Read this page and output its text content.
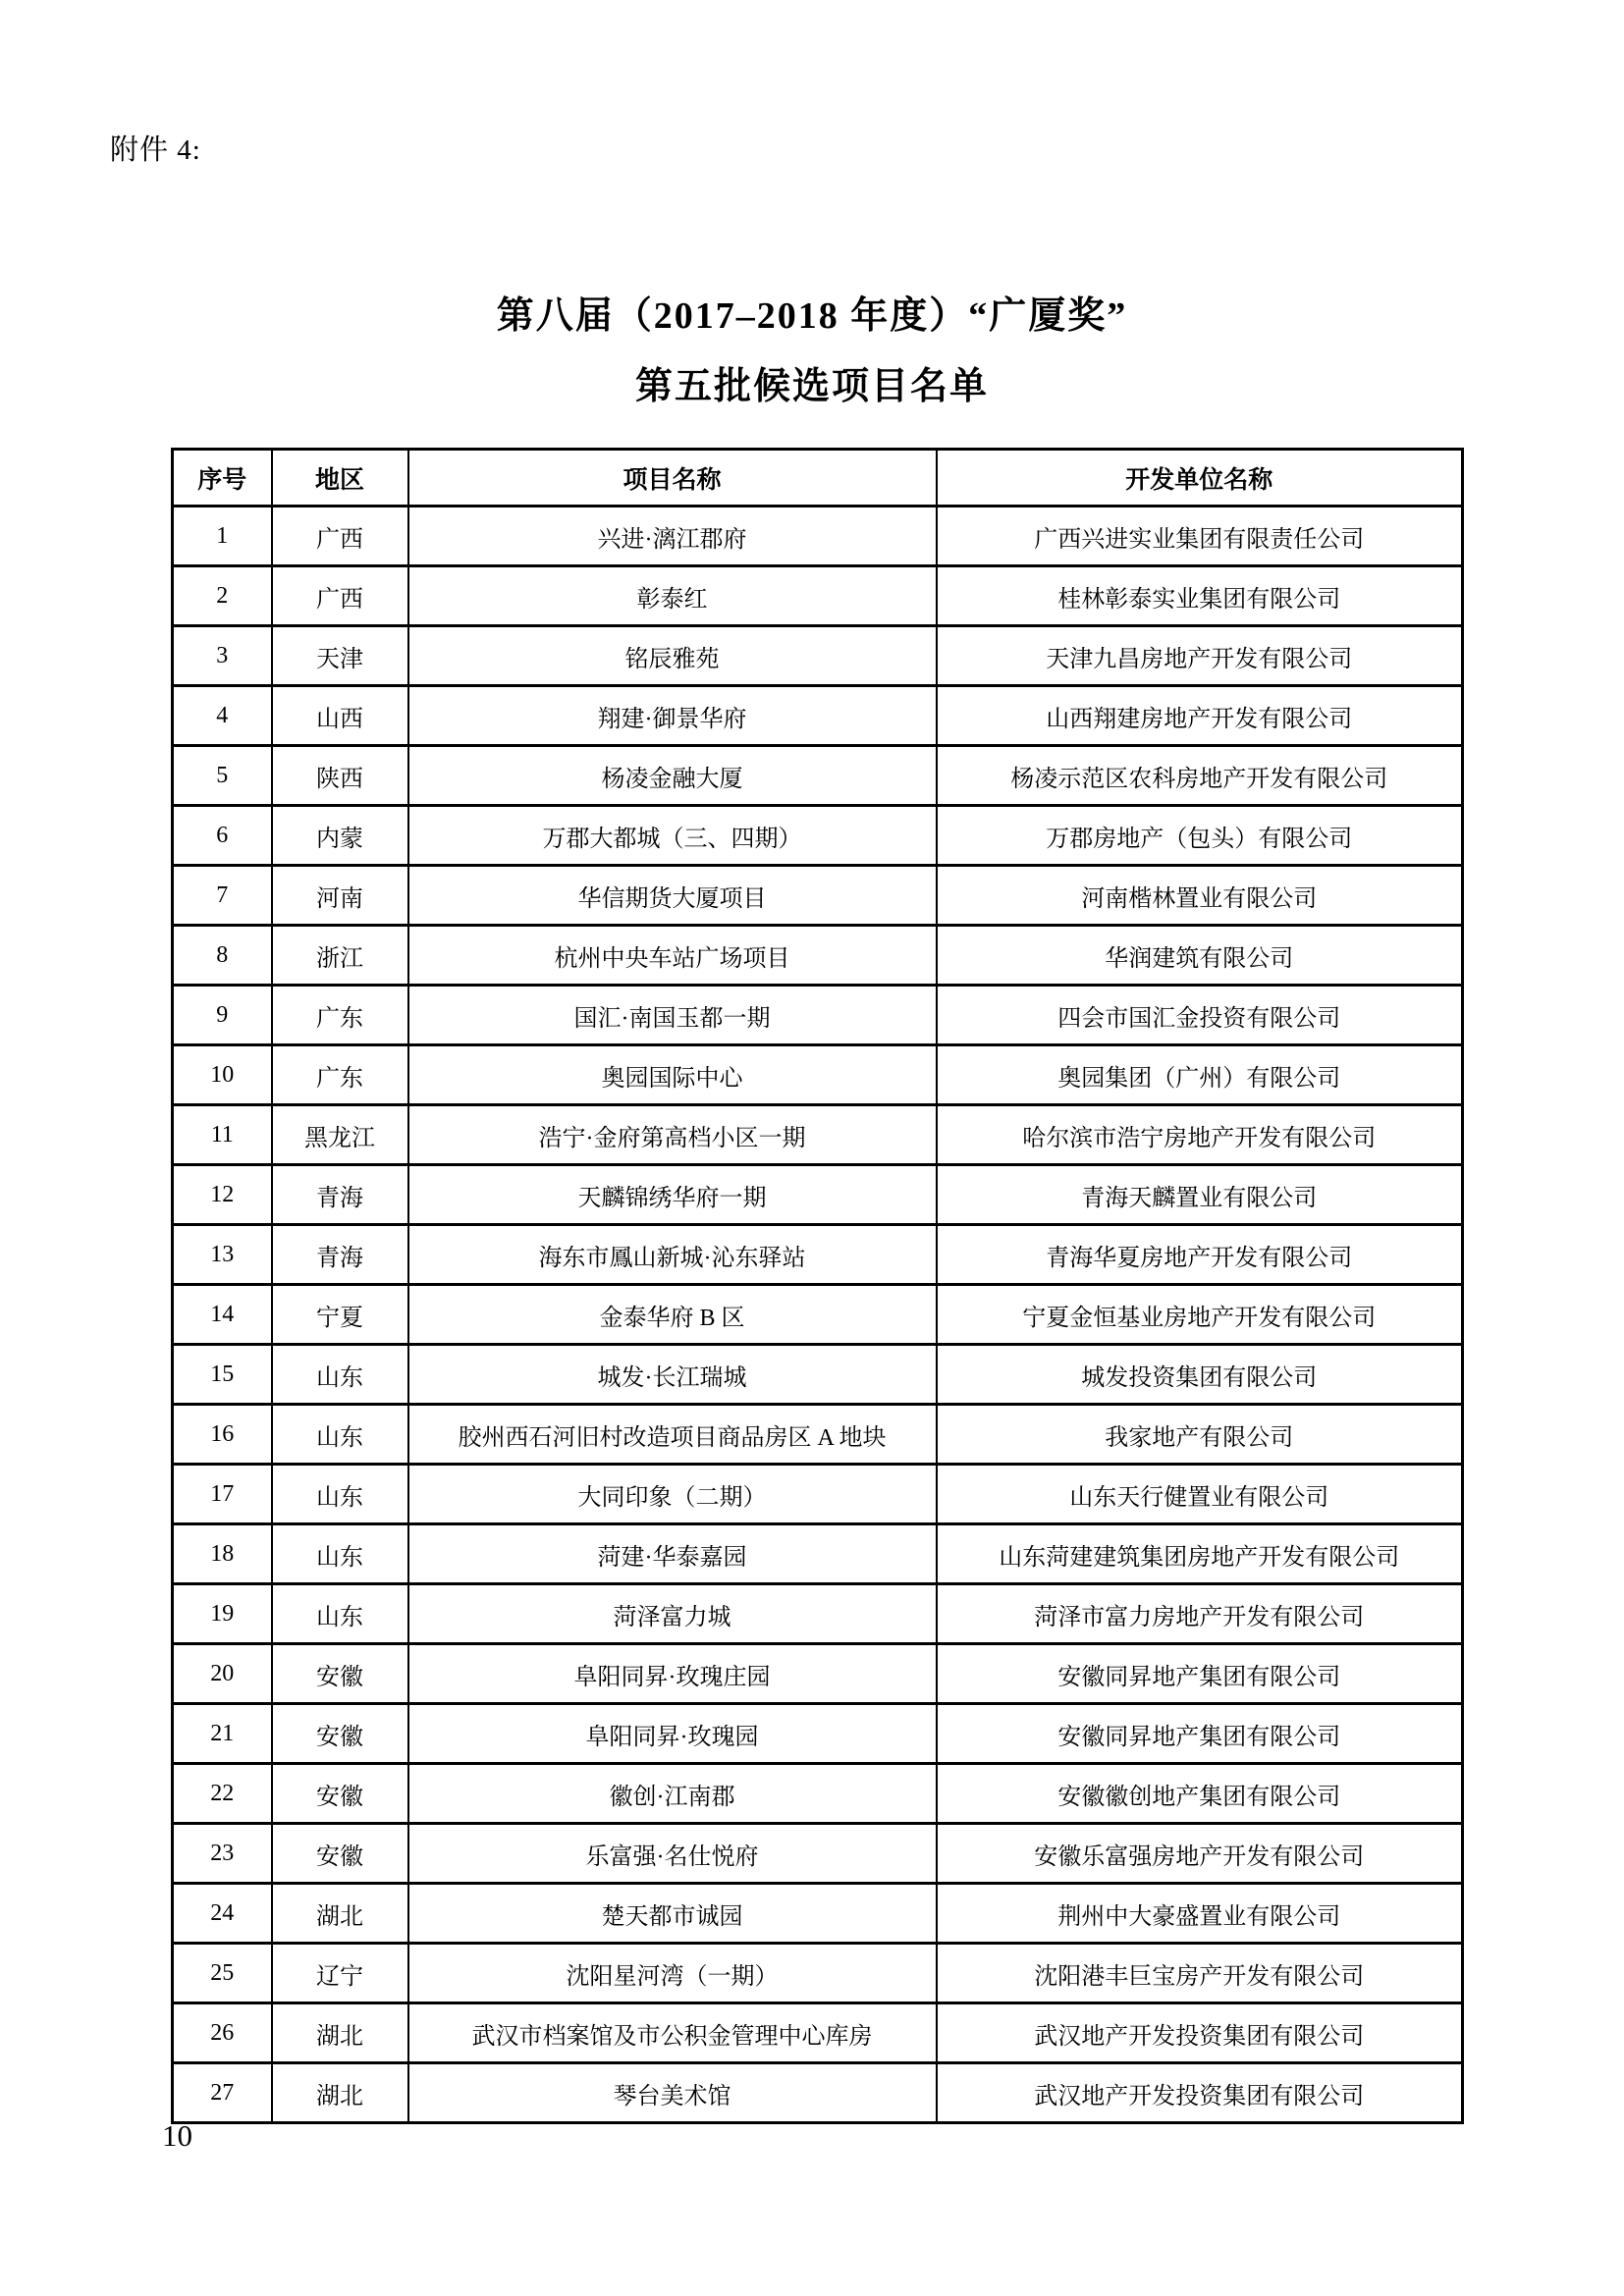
附件 4:
第八届（2017–2018 年度）“广厦奖”
第五批候选项目名单
序号	地区	项目名称	开发单位名称
1	广西	兴进·漓江郡府	广西兴进实业集团有限责任公司
2	广西	彰泰红	桂林彰泰实业集团有限公司
3	天津	铭辰雅苑	天津九昌房地产开发有限公司
4	山西	翔建·御景华府	山西翔建房地产开发有限公司
5	陕西	杨凌金融大厦	杨凌示范区农科房地产开发有限公司
6	内蒙	万郡大都城（三、四期）	万郡房地产（包头）有限公司
7	河南	华信期货大厦项目	河南楷林置业有限公司
8	浙江	杭州中央车站广场项目	华润建筑有限公司
9	广东	国汇·南国玉都一期	四会市国汇金投资有限公司
10	广东	奥园国际中心	奥园集团（广州）有限公司
11	黑龙江	浩宁·金府第高档小区一期	哈尔滨市浩宁房地产开发有限公司
12	青海	天麟锦绣华府一期	青海天麟置业有限公司
13	青海	海东市鳳山新城·沁东驿站	青海华夏房地产开发有限公司
14	宁夏	金泰华府 B 区	宁夏金恒基业房地产开发有限公司
15	山东	城发·长江瑞城	城发投资集团有限公司
16	山东	胶州西石河旧村改造项目商品房区 A 地块	我家地产有限公司
17	山东	大同印象（二期）	山东天行健置业有限公司
18	山东	菏建·华泰嘉园	山东菏建建筑集团房地产开发有限公司
19	山东	菏泽富力城	菏泽市富力房地产开发有限公司
20	安徽	阜阳同昇·玫瑰庄园	安徽同昇地产集团有限公司
21	安徽	阜阳同昇·玫瑰园	安徽同昇地产集团有限公司
22	安徽	徽创·江南郡	安徽徽创地产集团有限公司
23	安徽	乐富强·名仕悦府	安徽乐富强房地产开发有限公司
24	湖北	楚天都市诚园	荆州中大豪盛置业有限公司
25	辽宁	沈阳星河湾（一期）	沈阳港丰巨宝房产开发有限公司
26	湖北	武汉市档案馆及市公积金管理中心库房	武汉地产开发投资集团有限公司
27	湖北	琴台美术馆	武汉地产开发投资集团有限公司
10
